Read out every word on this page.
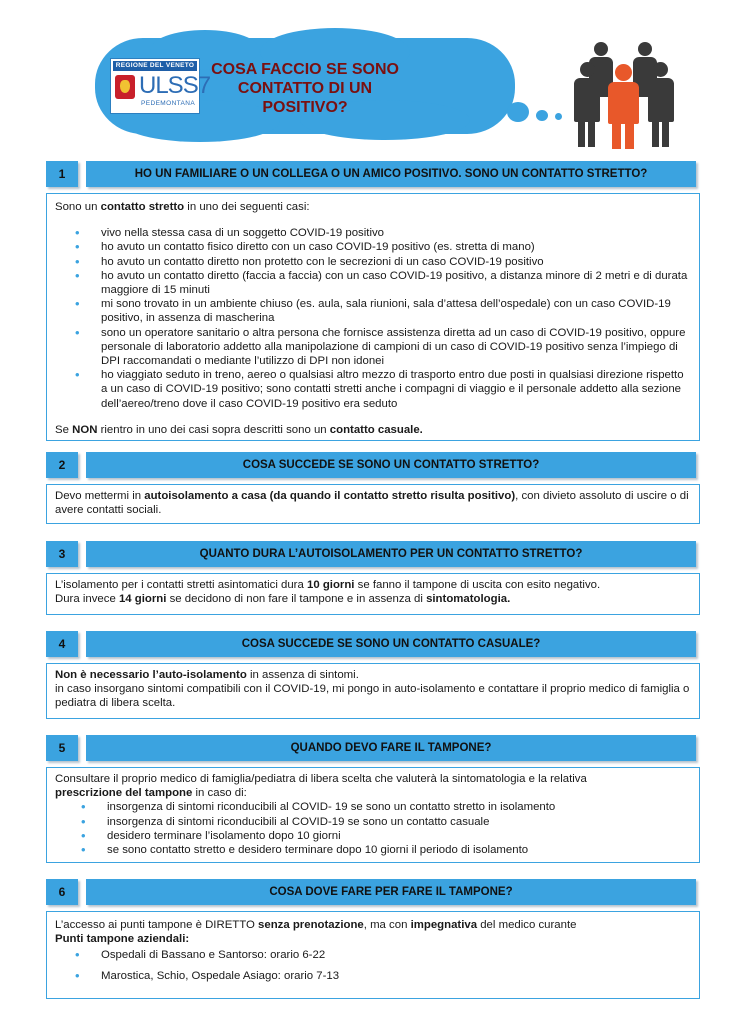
REGIONE DEL VENETO
ULSS7
PEDEMONTANA
COSA FACCIO SE SONO
CONTATTO DI UN
POSITIVO?
1	HO UN FAMILIARE O UN COLLEGA O UN AMICO POSITIVO. SONO UN CONTATTO STRETTO?

Sono un contatto stretto in uno dei seguenti casi:

• vivo nella stessa casa di un soggetto COVID-19 positivo
• ho avuto un contatto fisico diretto con un caso COVID-19 positivo (es. stretta di mano)
• ho avuto un contatto diretto non protetto con le secrezioni di un caso COVID-19 positivo
• ho avuto un contatto diretto (faccia a faccia) con un caso COVID-19 positivo, a distanza minore di 2 metri e di durata maggiore di 15 minuti
• mi sono trovato in un ambiente chiuso (es. aula, sala riunioni, sala d’attesa dell’ospedale) con un caso COVID-19 positivo, in assenza di mascherina
• sono un operatore sanitario o altra persona che fornisce assistenza diretta ad un caso di COVID-19 positivo, oppure personale di laboratorio addetto alla manipolazione di campioni di un caso di COVID-19 positivo senza l’impiego di DPI raccomandati o mediante l’utilizzo di DPI non idonei
• ho viaggiato seduto in treno, aereo o qualsiasi altro mezzo di trasporto entro due posti in qualsiasi direzione rispetto a un caso di COVID-19 positivo; sono contatti stretti anche i compagni di viaggio e il personale addetto alla sezione dell’aereo/treno dove il caso COVID-19 positivo era seduto

Se NON rientro in uno dei casi sopra descritti sono un contatto casuale.

2	COSA SUCCEDE SE SONO UN CONTATTO STRETTO?

Devo mettermi in autoisolamento a casa (da quando il contatto stretto risulta positivo), con divieto assoluto di uscire o di avere contatti sociali.

3	QUANTO DURA L’AUTOISOLAMENTO PER UN CONTATTO STRETTO?

L’isolamento per i contatti stretti asintomatici dura 10 giorni se fanno il tampone di uscita con esito negativo.

Dura invece 14 giorni se decidono di non fare il tampone e in assenza di sintomatologia.

4	COSA SUCCEDE SE SONO UN CONTATTO CASUALE?

Non è necessario l’auto-isolamento in assenza di sintomi.

in caso insorgano sintomi compatibili con il COVID-19, mi pongo in auto-isolamento e contattare il proprio medico di famiglia o pediatra di libera scelta.

5	QUANDO DEVO FARE IL TAMPONE?

Consultare il proprio medico di famiglia/pediatra di libera scelta che valuterà la sintomatologia e la relativa

prescrizione del tampone in caso di:

• insorgenza di sintomi riconducibili al COVID- 19 se sono un contatto stretto in isolamento
• insorgenza di sintomi riconducibili al COVID-19 se sono un contatto casuale
• desidero terminare l’isolamento dopo 10 giorni
• se sono contatto stretto e desidero terminare dopo 10 giorni il periodo di isolamento
6	COSA DOVE FARE PER FARE IL TAMPONE?

L’accesso ai punti tampone è DIRETTO senza prenotazione, ma con impegnativa del medico curante

Punti tampone aziendali:

• Ospedali di Bassano e Santorso: orario 6-22
• Marostica, Schio, Ospedale Asiago: orario 7-13
